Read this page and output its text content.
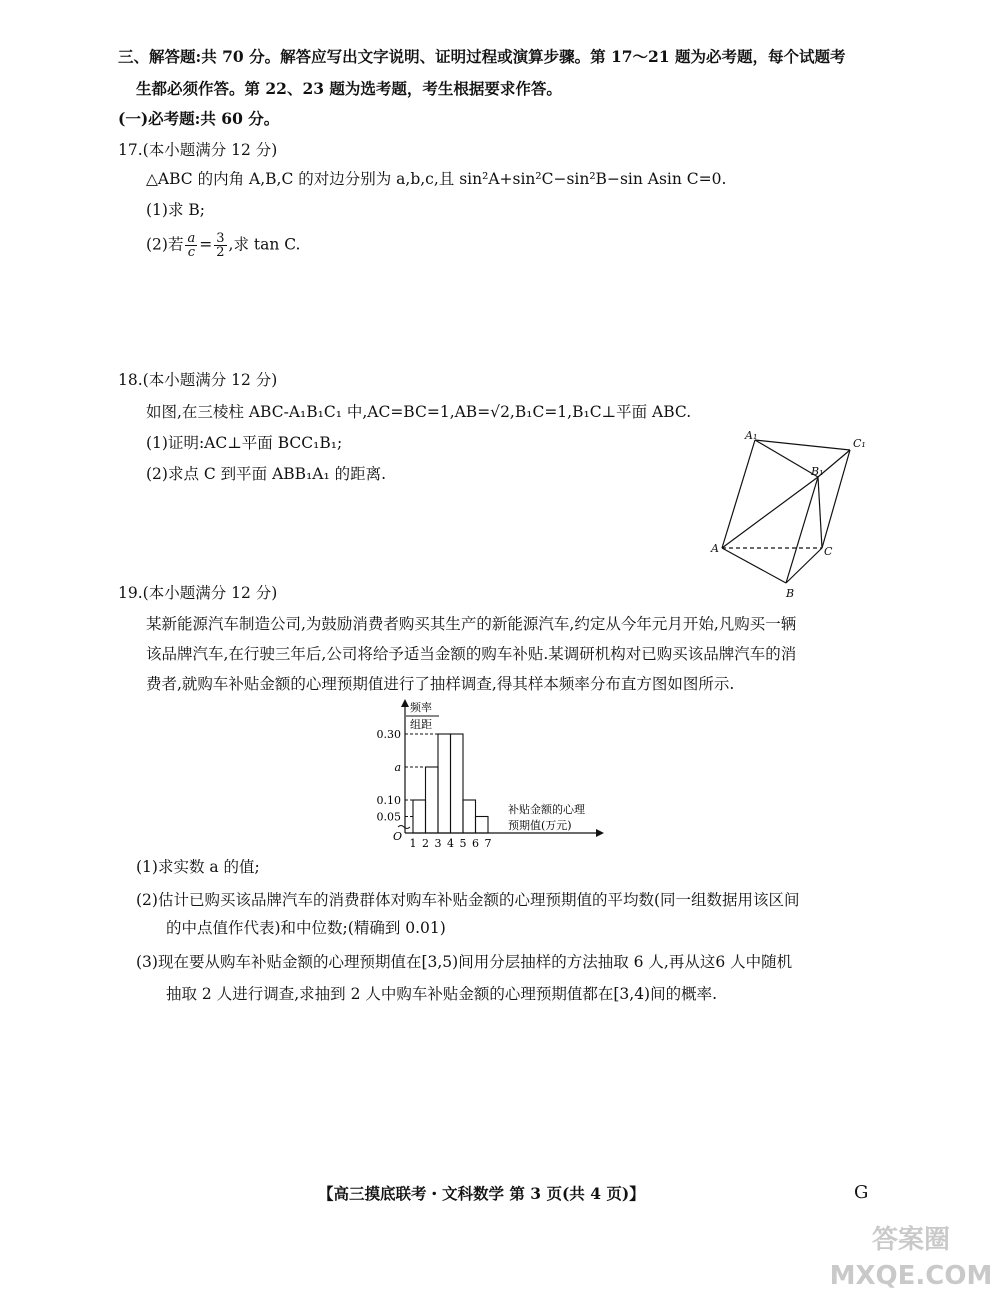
三、解答题:共 70 分。解答应写出文字说明、证明过程或演算步骤。第 17～21 题为必考题，每个试题考
生都必须作答。第 22、23 题为选考题，考生根据要求作答。
(一)必考题:共 60 分。
17.(本小题满分 12 分)
△ABC 的内角 A,B,C 的对边分别为 a,b,c,且 sin²A+sin²C−sin²B−sin Asin C=0.
(1)求 B;
(2)若 $\frac{a}{c} = \frac{3}{2}$ ,求 tan C.
18.(本小题满分 12 分)
如图,在三棱柱 ABC-A₁B₁C₁ 中,AC=BC=1,AB=√2,B₁C=1,B₁C⊥平面 ABC.
(1)证明:AC⊥平面 BCC₁B₁;
(2)求点 C 到平面 ABB₁A₁ 的距离.
A₁
C₁
B₁
A	C
B
19.(本小题满分 12 分)
某新能源汽车制造公司,为鼓励消费者购买其生产的新能源汽车,约定从今年元月开始,凡购买一辆
该品牌汽车,在行驶三年后,公司将给予适当金额的购车补贴.某调研机构对已购买该品牌汽车的消
费者,就购车补贴金额的心理预期值进行了抽样调查,得其样本频率分布直方图如图所示.
频率
组距
O
补贴金额的心理
预期值(万元)
0.30
a
0.10
0.05
1 2 3 4 5 6 7
(1)求实数 a 的值;
(2)估计已购买该品牌汽车的消费群体对购车补贴金额的心理预期值的平均数(同一组数据用该区间
的中点值作代表)和中位数;(精确到 0.01)
(3)现在要从购车补贴金额的心理预期值在[3,5)间用分层抽样的方法抽取 6 人,再从这6 人中随机
抽取 2 人进行调查,求抽到 2 人中购车补贴金额的心理预期值都在[3,4)间的概率.
【高三摸底联考・文科数学 第 3 页(共 4 页)】	G
答案圈 MXQE.COM
